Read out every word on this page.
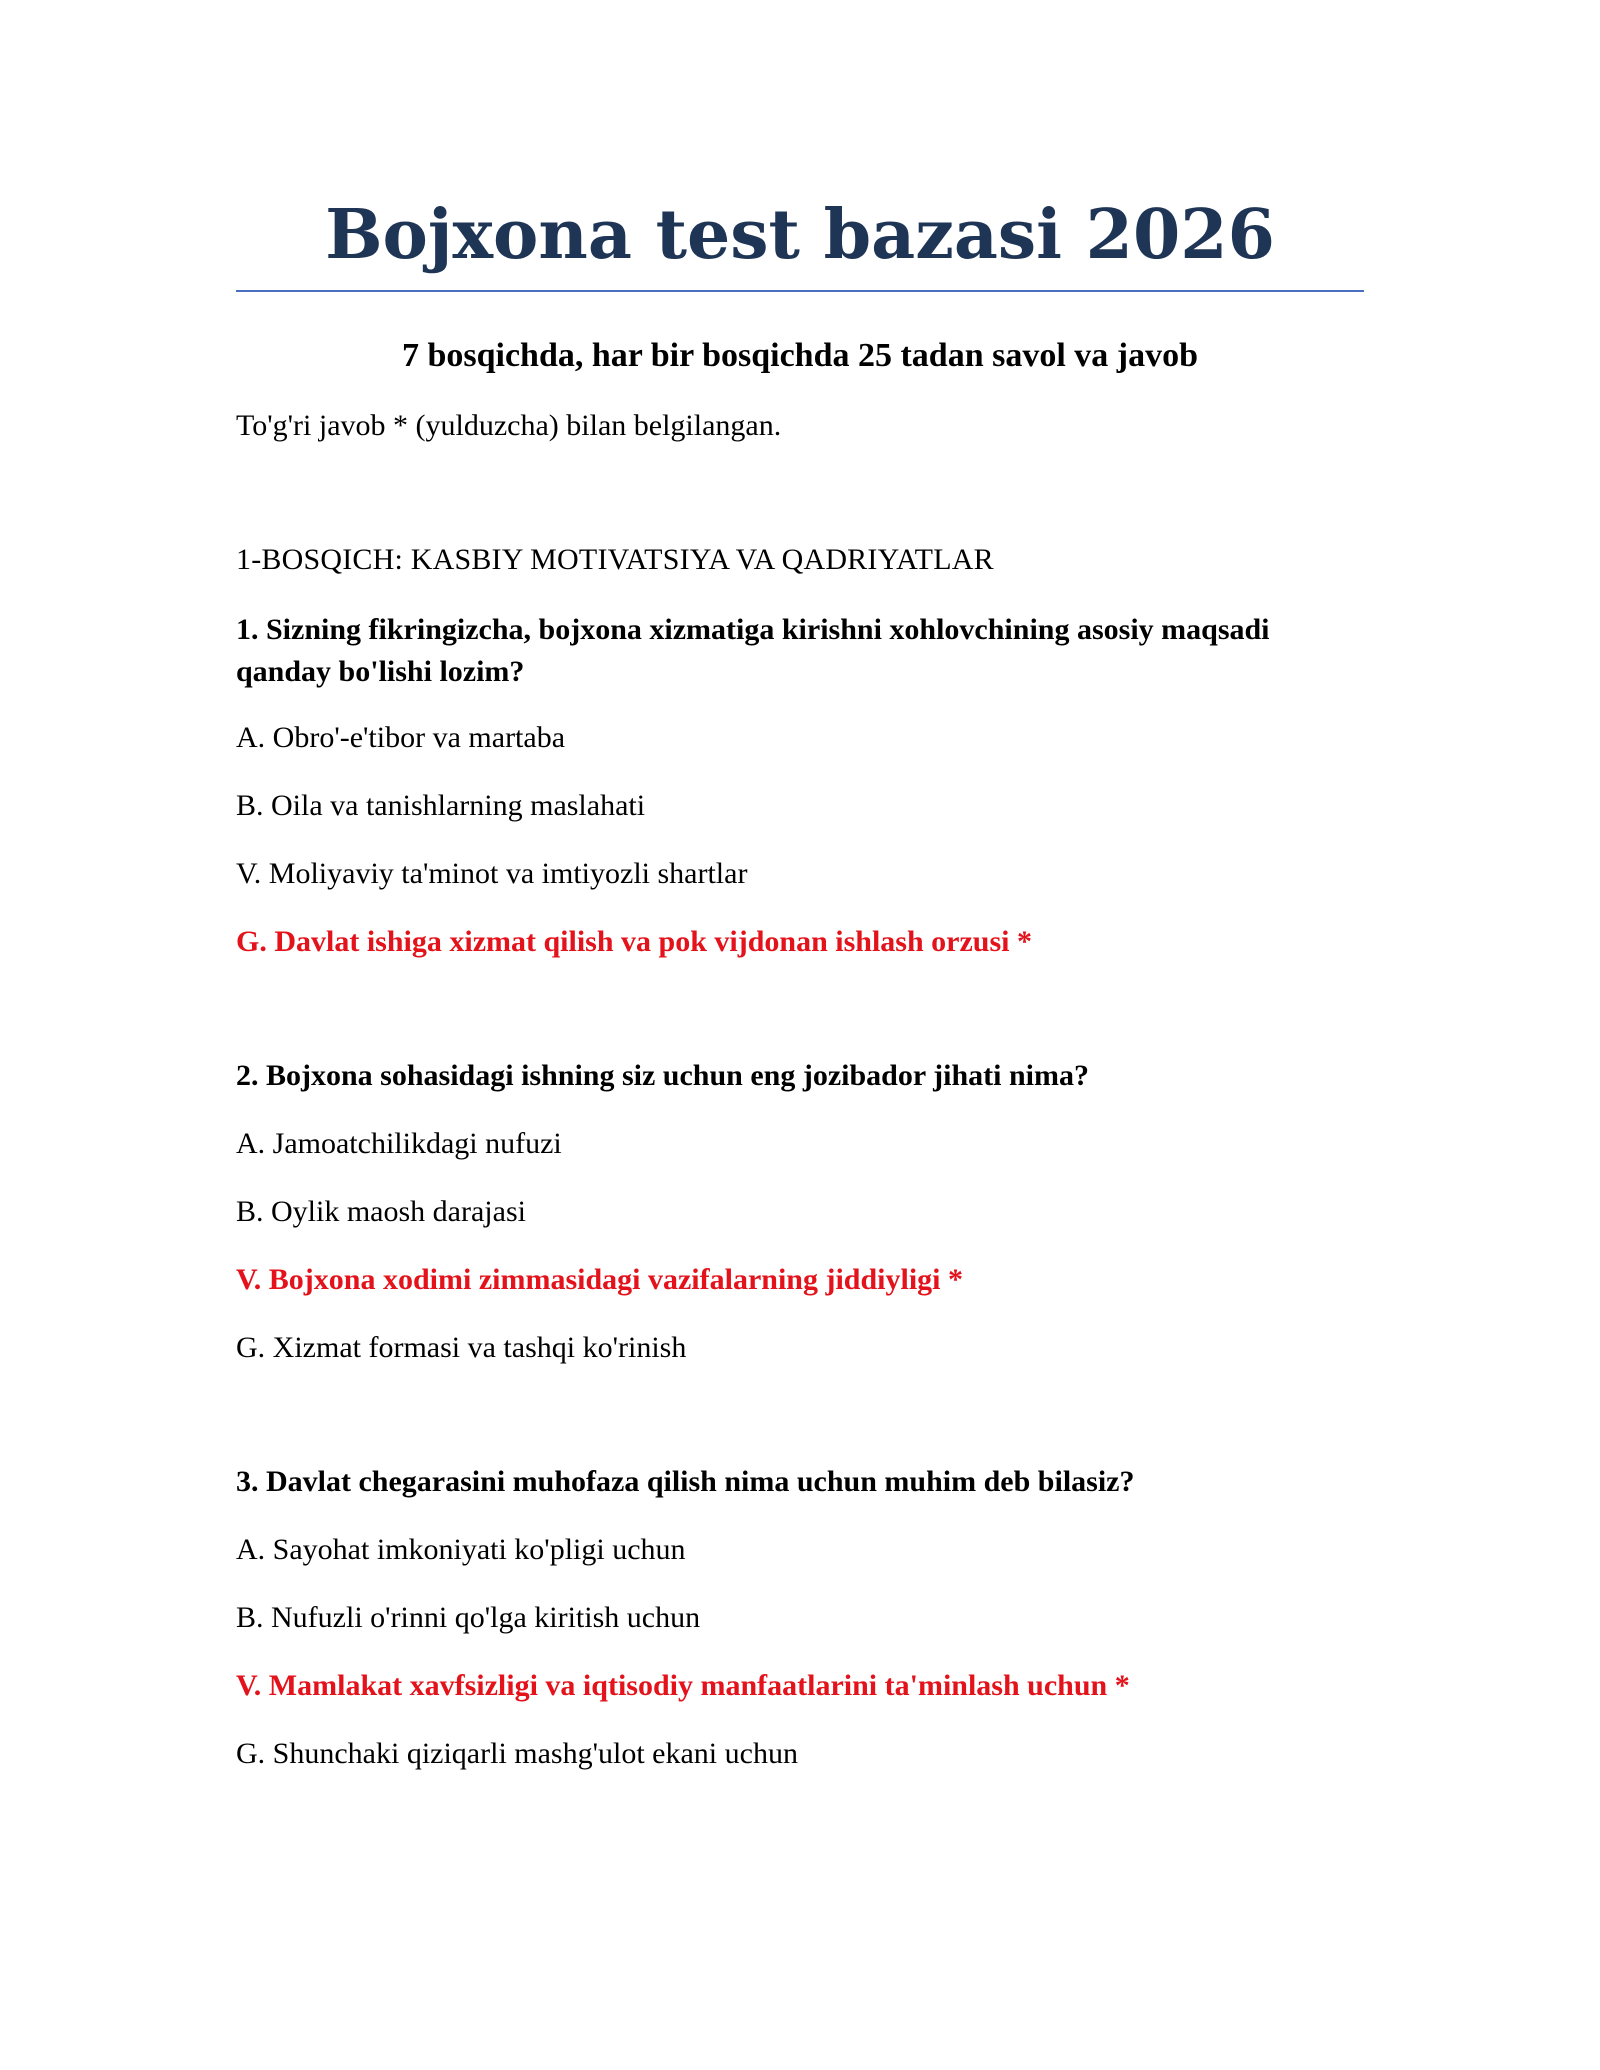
Bojxona test bazasi 2026
7 bosqichda, har bir bosqichda 25 tadan savol va javob

To'g'ri javob * (yulduzcha) bilan belgilangan.

1-BOSQICH: KASBIY MOTIVATSIYA VA QADRIYATLAR

1. Sizning fikringizcha, bojxona xizmatiga kirishni xohlovchining asosiy maqsadi qanday bo'lishi lozim?

A. Obro'-e'tibor va martaba

B. Oila va tanishlarning maslahati

V. Moliyaviy ta'minot va imtiyozli shartlar

G. Davlat ishiga xizmat qilish va pok vijdonan ishlash orzusi *

2. Bojxona sohasidagi ishning siz uchun eng jozibador jihati nima?

A. Jamoatchilikdagi nufuzi

B. Oylik maosh darajasi

V. Bojxona xodimi zimmasidagi vazifalarning jiddiyligi *

G. Xizmat formasi va tashqi ko'rinish

3. Davlat chegarasini muhofaza qilish nima uchun muhim deb bilasiz?

A. Sayohat imkoniyati ko'pligi uchun

B. Nufuzli o'rinni qo'lga kiritish uchun

V. Mamlakat xavfsizligi va iqtisodiy manfaatlarini ta'minlash uchun *

G. Shunchaki qiziqarli mashg'ulot ekani uchun
